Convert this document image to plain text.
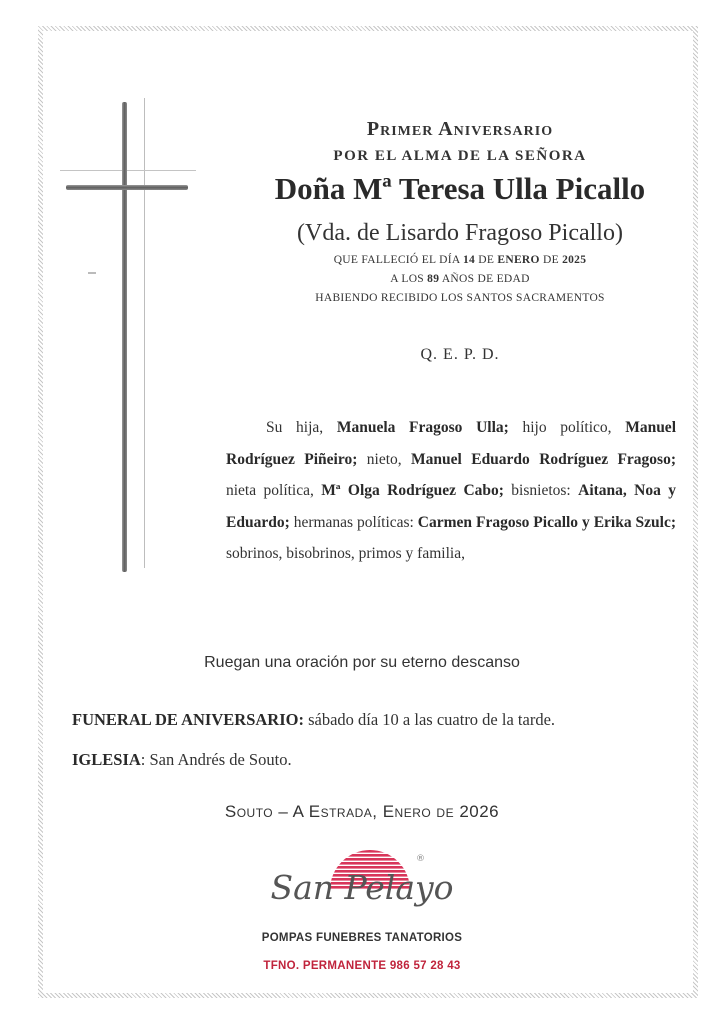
Primer Aniversario
POR EL ALMA DE LA SEÑORA
Doña Mª Teresa Ulla Picallo
(Vda. de Lisardo Fragoso Picallo)
QUE FALLECIÓ EL DÍA 14 DE ENERO DE 2025
A LOS 89 AÑOS DE EDAD
HABIENDO RECIBIDO LOS SANTOS SACRAMENTOS
Q. E. P. D.
Su hija, Manuela Fragoso Ulla; hijo político, Manuel Rodríguez Piñeiro; nieto, Manuel Eduardo Rodríguez Fragoso; nieta política, Mª Olga Rodríguez Cabo; bisnietos: Aitana, Noa y Eduardo; hermanas políticas: Carmen Fragoso Picallo y Erika Szulc; sobrinos, bisobrinos, primos y familia,
Ruegan una oración por su eterno descanso
FUNERAL DE ANIVERSARIO: sábado día 10 a las cuatro de la tarde.
IGLESIA: San Andrés de Souto.
Souto – A Estrada, Enero de 2026
San Pelayo
®
POMPAS FUNEBRES TANATORIOS
TFNO. PERMANENTE 986 57 28 43
